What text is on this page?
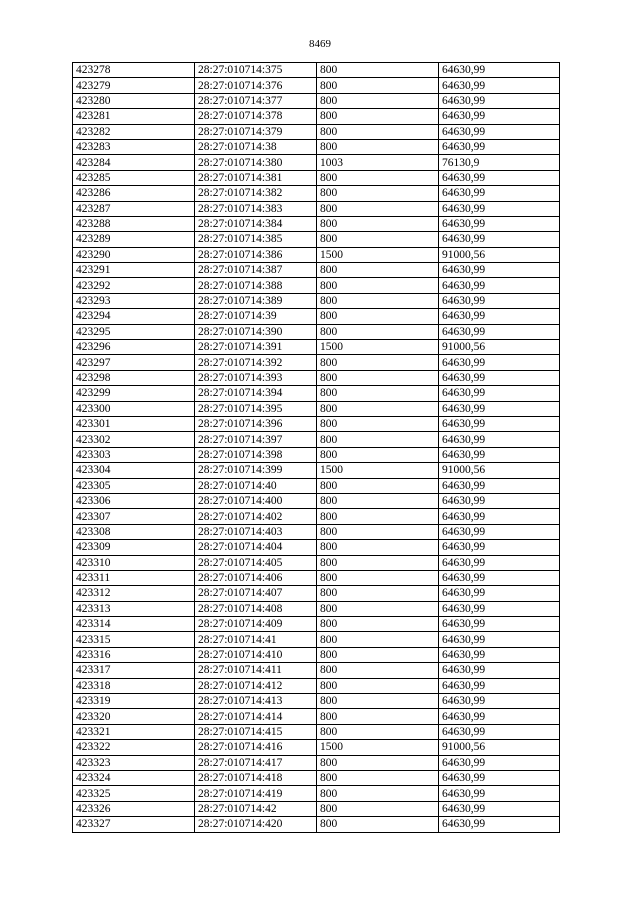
8469
423278	28:27:010714:375	800	64630,99
423279	28:27:010714:376	800	64630,99
423280	28:27:010714:377	800	64630,99
423281	28:27:010714:378	800	64630,99
423282	28:27:010714:379	800	64630,99
423283	28:27:010714:38	800	64630,99
423284	28:27:010714:380	1003	76130,9
423285	28:27:010714:381	800	64630,99
423286	28:27:010714:382	800	64630,99
423287	28:27:010714:383	800	64630,99
423288	28:27:010714:384	800	64630,99
423289	28:27:010714:385	800	64630,99
423290	28:27:010714:386	1500	91000,56
423291	28:27:010714:387	800	64630,99
423292	28:27:010714:388	800	64630,99
423293	28:27:010714:389	800	64630,99
423294	28:27:010714:39	800	64630,99
423295	28:27:010714:390	800	64630,99
423296	28:27:010714:391	1500	91000,56
423297	28:27:010714:392	800	64630,99
423298	28:27:010714:393	800	64630,99
423299	28:27:010714:394	800	64630,99
423300	28:27:010714:395	800	64630,99
423301	28:27:010714:396	800	64630,99
423302	28:27:010714:397	800	64630,99
423303	28:27:010714:398	800	64630,99
423304	28:27:010714:399	1500	91000,56
423305	28:27:010714:40	800	64630,99
423306	28:27:010714:400	800	64630,99
423307	28:27:010714:402	800	64630,99
423308	28:27:010714:403	800	64630,99
423309	28:27:010714:404	800	64630,99
423310	28:27:010714:405	800	64630,99
423311	28:27:010714:406	800	64630,99
423312	28:27:010714:407	800	64630,99
423313	28:27:010714:408	800	64630,99
423314	28:27:010714:409	800	64630,99
423315	28:27:010714:41	800	64630,99
423316	28:27:010714:410	800	64630,99
423317	28:27:010714:411	800	64630,99
423318	28:27:010714:412	800	64630,99
423319	28:27:010714:413	800	64630,99
423320	28:27:010714:414	800	64630,99
423321	28:27:010714:415	800	64630,99
423322	28:27:010714:416	1500	91000,56
423323	28:27:010714:417	800	64630,99
423324	28:27:010714:418	800	64630,99
423325	28:27:010714:419	800	64630,99
423326	28:27:010714:42	800	64630,99
423327	28:27:010714:420	800	64630,99
